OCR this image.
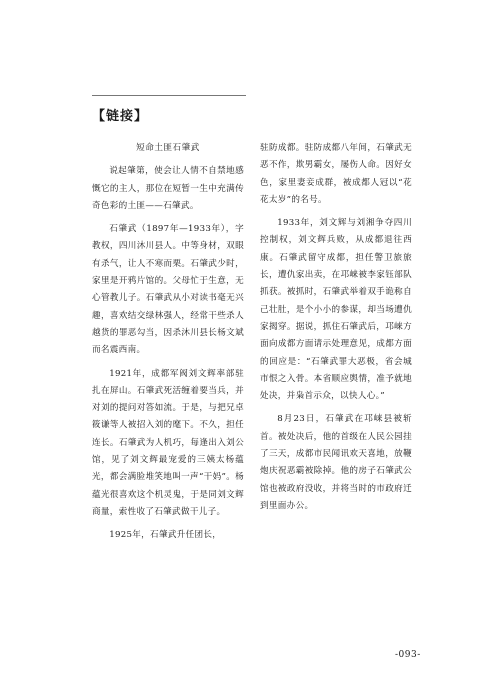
【链接】

短命土匪石肇武

说起肇第，使会让人情不自禁地感慨它的主人，那位在短暂一生中充满传奇色彩的土匪——石肇武。

石肇武（1897年—1933年），字教权，四川沐川县人。中等身材，双眼有杀气，让人不寒而栗。石肇武少时，家里是开鸦片馆的。父母忙于生意，无心管教儿子。石肇武从小对读书毫无兴趣，喜欢结交绿林强人，经常干些杀人越货的罪恶勾当，因杀沐川县长杨文斌而名震西南。

1921年，成都军阀刘文辉率部驻扎在屏山。石肇武死活缠着要当兵，并对刘的提问对答如流。于是，与把兄卓筱谦等人被招入刘的麾下。不久，担任连长。石肇武为人机巧，每逢出入刘公馆，见了刘文辉最宠爱的三姨太杨蕴光，都会满脸堆笑地叫一声“干妈”。杨蕴光很喜欢这个机灵鬼，于是同刘文辉商量，索性收了石肇武做干儿子。

1925年，石肇武升任团长，

驻防成都。驻防成都八年间，石肇武无恶不作，欺男霸女，屡伤人命。因好女色，家里妻妾成群，被成都人冠以“花花太岁”的名号。

1933年，刘文辉与刘湘争夺四川控制权，刘文辉兵败，从成都退往西康。石肇武留守成都，担任警卫旅旅长，遭仇家出卖，在邛崃被李家钰部队抓获。被抓时，石肇武举着双手诡称自己壮肚，是个小小的参谋，却当场遭仇家揭穿。据说，抓住石肇武后，邛崃方面向成都方面请示处理意见，成都方面的回应是：“石肇武罪大恶极，省会城市恨之入骨。本省顺应舆情，准予就地处决，并枭首示众，以快人心。”

8月23日，石肇武在邛崃县被斩首。被处决后，他的首级在人民公园挂了三天，成都市民闻讯欢天喜地，放鞭炮庆祝恶霸被除掉。他的房子石肇武公馆也被政府没收，并将当时的市政府迁到里面办公。

-093-
